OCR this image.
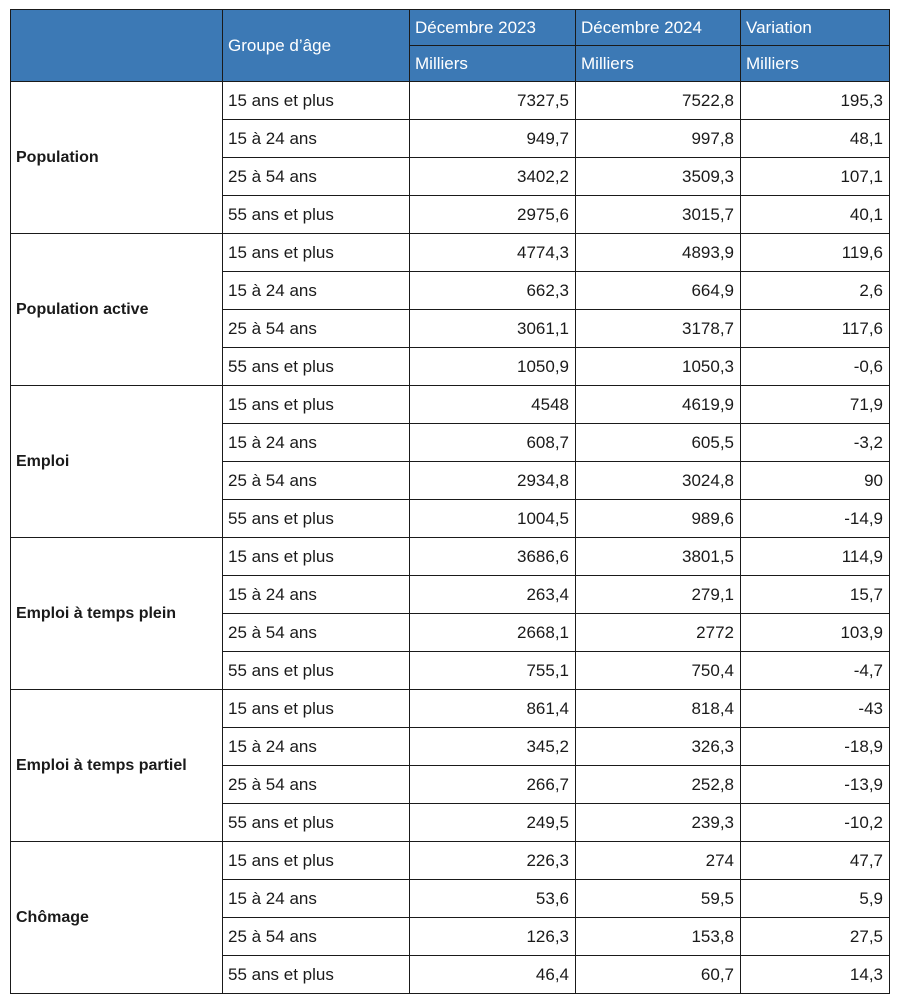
	Groupe d’âge	Décembre 2023	Décembre 2024	Variation
		Milliers	Milliers	Milliers
Population	15 ans et plus	7327,5	7522,8	195,3
	15 à 24 ans	949,7	997,8	48,1
	25 à 54 ans	3402,2	3509,3	107,1
	55 ans et plus	2975,6	3015,7	40,1
Population active	15 ans et plus	4774,3	4893,9	119,6
	15 à 24 ans	662,3	664,9	2,6
	25 à 54 ans	3061,1	3178,7	117,6
	55 ans et plus	1050,9	1050,3	-0,6
Emploi	15 ans et plus	4548	4619,9	71,9
	15 à 24 ans	608,7	605,5	-3,2
	25 à 54 ans	2934,8	3024,8	90
	55 ans et plus	1004,5	989,6	-14,9
Emploi à temps plein	15 ans et plus	3686,6	3801,5	114,9
	15 à 24 ans	263,4	279,1	15,7
	25 à 54 ans	2668,1	2772	103,9
	55 ans et plus	755,1	750,4	-4,7
Emploi à temps partiel	15 ans et plus	861,4	818,4	-43
	15 à 24 ans	345,2	326,3	-18,9
	25 à 54 ans	266,7	252,8	-13,9
	55 ans et plus	249,5	239,3	-10,2
Chômage	15 ans et plus	226,3	274	47,7
	15 à 24 ans	53,6	59,5	5,9
	25 à 54 ans	126,3	153,8	27,5
	55 ans et plus	46,4	60,7	14,3
